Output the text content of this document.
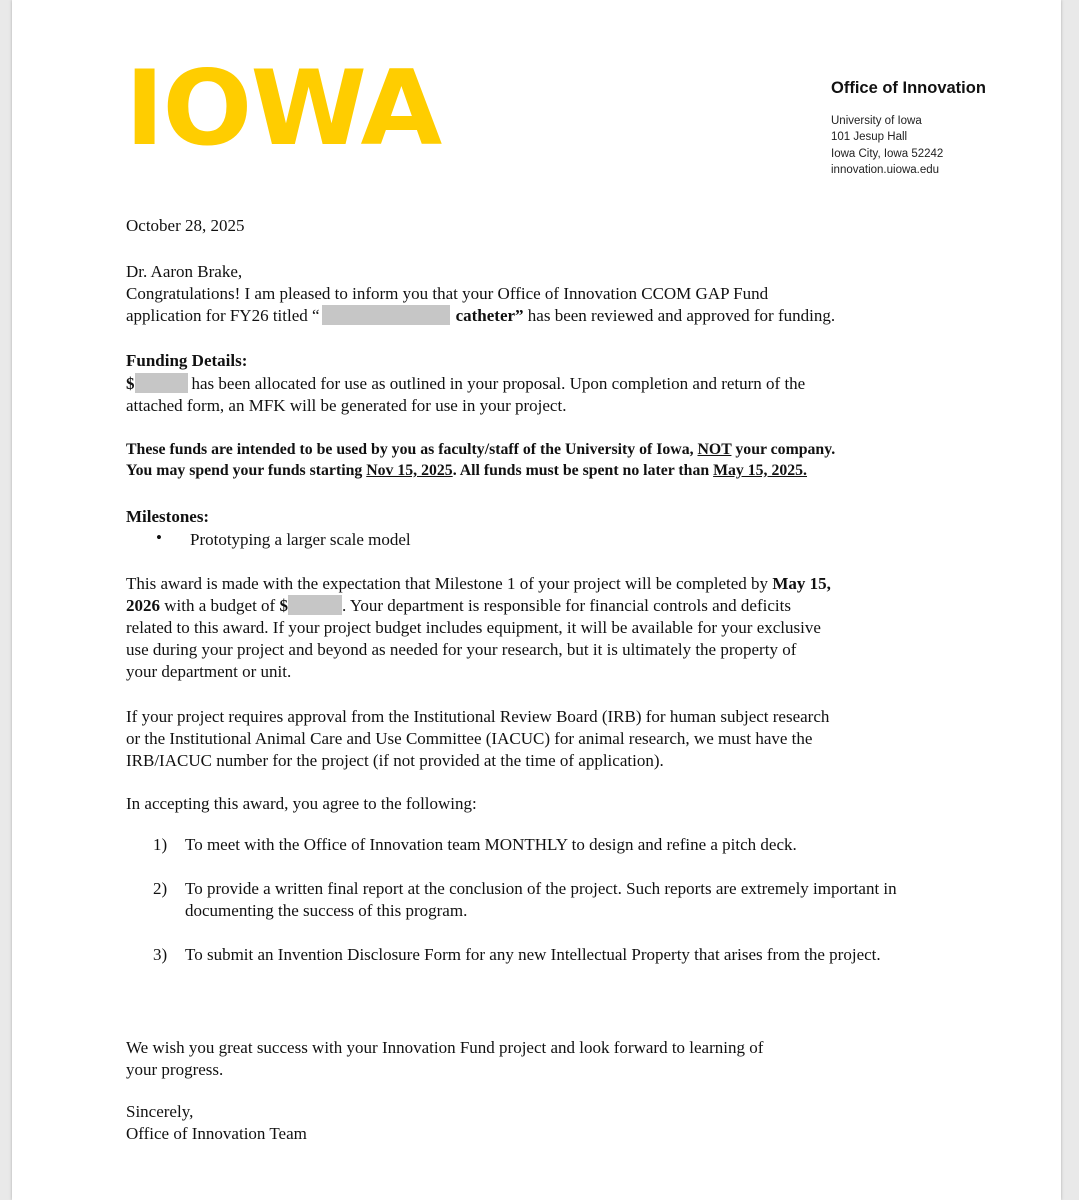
IOWA	Office of Innovation
University of Iowa
101 Jesup Hall
Iowa City, Iowa 52242
innovation.uiowa.edu
October 28, 2025
Dr. Aaron Brake,
Congratulations! I am pleased to inform you that your Office of Innovation CCOM GAP Fund
application for FY26 titled “	catheter” has been reviewed and approved for funding.
Funding Details:
$	has been allocated for use as outlined in your proposal. Upon completion and return of the
attached form, an MFK will be generated for use in your project.
These funds are intended to be used by you as faculty/staff of the University of Iowa, NOT your company.
You may spend your funds starting Nov 15, 2025. All funds must be spent no later than May 15, 2025.
Milestones:
• Prototyping a larger scale model
This award is made with the expectation that Milestone 1 of your project will be completed by May 15,
2026 with a budget of $	. Your department is responsible for financial controls and deficits
related to this award. If your project budget includes equipment, it will be available for your exclusive
use during your project and beyond as needed for your research, but it is ultimately the property of
your department or unit.
If your project requires approval from the Institutional Review Board (IRB) for human subject research
or the Institutional Animal Care and Use Committee (IACUC) for animal research, we must have the
IRB/IACUC number for the project (if not provided at the time of application).
In accepting this award, you agree to the following:
1) To meet with the Office of Innovation team MONTHLY to design and refine a pitch deck.
2) To provide a written final report at the conclusion of the project. Such reports are extremely important in
documenting the success of this program.
3) To submit an Invention Disclosure Form for any new Intellectual Property that arises from the project.
We wish you great success with your Innovation Fund project and look forward to learning of
your progress.
Sincerely,
Office of Innovation Team
